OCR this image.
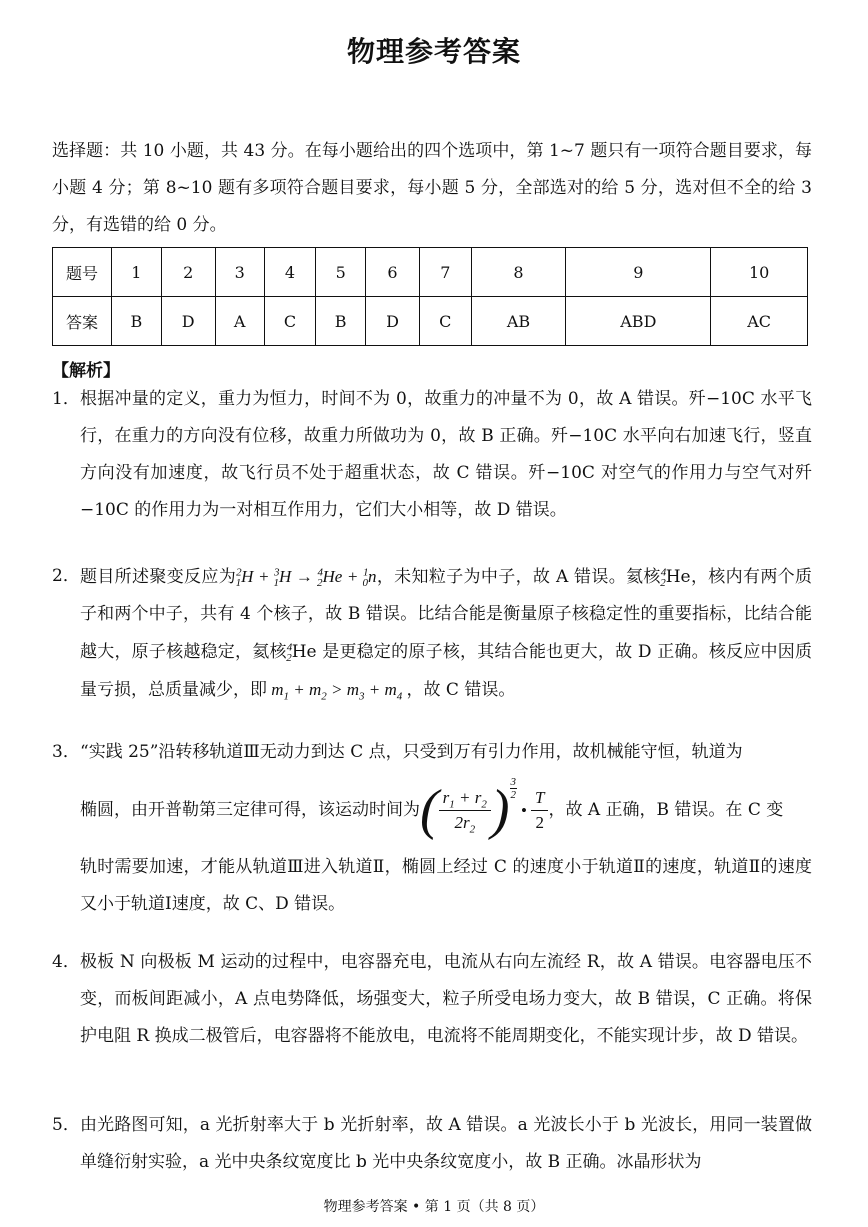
物理参考答案
选择题：共 10 小题，共 43 分。在每小题给出的四个选项中，第 1~7 题只有一项符合题目要求，每小题 4 分；第 8~10 题有多项符合题目要求，每小题 5 分，全部选对的给 5 分，选对但不全的给 3 分，有选错的给 0 分。
题号	1	2	3	4	5	6	7	8	9	10
答案	B	D	A	C	B	D	C	AB	ABD	AC
【解析】
1． 根据冲量的定义，重力为恒力，时间不为 0，故重力的冲量不为 0，故 A 错误。歼−10C 水平飞行，在重力的方向没有位移，故重力所做功为 0，故 B 正确。歼−10C 水平向右加速飞行，竖直方向没有加速度，故飞行员不处于超重状态，故 C 错误。歼−10C 对空气的作用力与空气对歼−10C 的作用力为一对相互作用力，它们大小相等，故 D 错误。
2． 题目所述聚变反应为$^2_1$H + $^3_1$H → $^4_2$He + $^1_0$n，未知粒子为中子，故 A 错误。氦核$^4_2$He，核内有两个质子和两个中子，共有 4 个核子，故 B 错误。比结合能是衡量原子核稳定性的重要指标，比结合能越大，原子核越稳定，氦核$^4_2$He 是更稳定的原子核，其结合能也更大，故 D 正确。核反应中因质量亏损，总质量减少，即 $m_1 + m_2 > m_3 + m_4$ ，故 C 错误。
3． “实践 25”沿转移轨道Ⅲ无动力到达 C 点，只受到万有引力作用，故机械能守恒，轨道为
椭圆，由开普勒第三定律可得，该运动时间为 ( $r_1 + r_2$
$2r_2$ ) 3
2
•
T
2
，故 A 正确，B 错误。在 C 变
轨时需要加速，才能从轨道Ⅲ进入轨道Ⅱ，椭圆上经过 C 的速度小于轨道Ⅱ的速度，轨道Ⅱ的速度又小于轨道Ⅰ速度，故 C、D 错误。
4． 极板 N 向极板 M 运动的过程中，电容器充电，电流从右向左流经 R，故 A 错误。电容器电压不变，而板间距减小，A 点电势降低，场强变大，粒子所受电场力变大，故 B 错误，C 正确。将保护电阻 R 换成二极管后，电容器将不能放电，电流将不能周期变化，不能实现计步，故 D 错误。
5． 由光路图可知，a 光折射率大于 b 光折射率，故 A 错误。a 光波长小于 b 光波长，用同一装置做单缝衍射实验，a 光中央条纹宽度比 b 光中央条纹宽度小，故 B 正确。冰晶形状为
物理参考答案 • 第 1 页（共 8 页）
